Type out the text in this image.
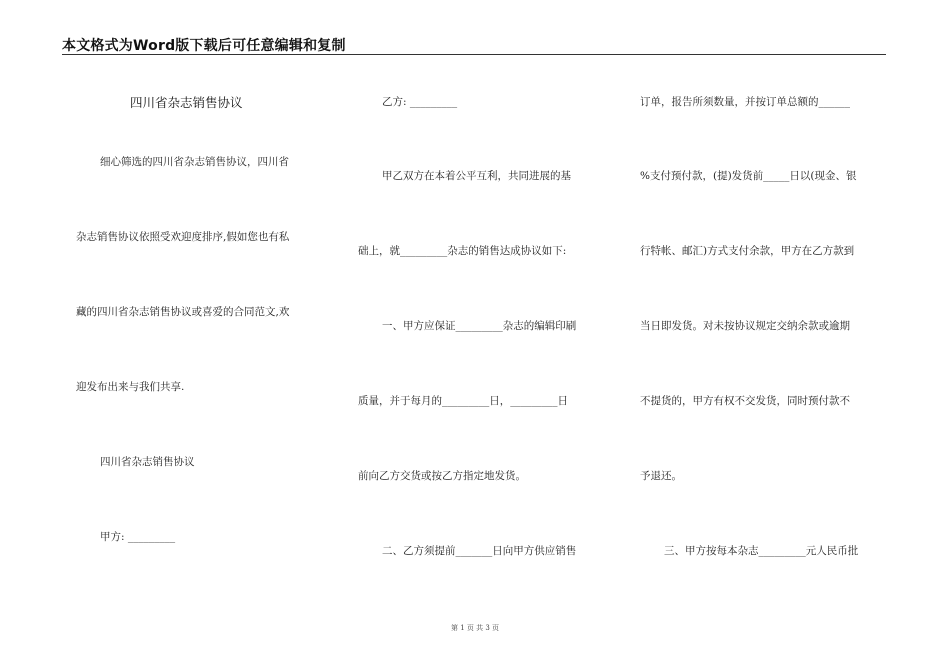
本文格式为Word版下载后可任意编辑和复制
四川省杂志销售协议
细心筛选的四川省杂志销售协议，四川省
杂志销售协议依照受欢迎度排序,假如您也有私
藏的四川省杂志销售协议或喜爱的合同范文,欢
迎发布出来与我们共享.
四川省杂志销售协议
甲方: _________
乙方: _________
甲乙双方在本着公平互利，共同进展的基
础上，就_________杂志的销售达成协议如下:
一、甲方应保证_________杂志的编辑印刷
质量，并于每月的_________日，_________日
前向乙方交货或按乙方指定地发货。
二、乙方须提前_______日向甲方供应销售
订单，报告所须数量，并按订单总额的______
%支付预付款，(提)发货前_____日以(现金、银
行特帐、邮汇)方式支付余款，甲方在乙方款到
当日即发货。对未按协议规定交纳余款或逾期
不提货的，甲方有权不交发货，同时预付款不
予退还。
三、甲方按每本杂志_________元人民币批
第 1 页 共 3 页
